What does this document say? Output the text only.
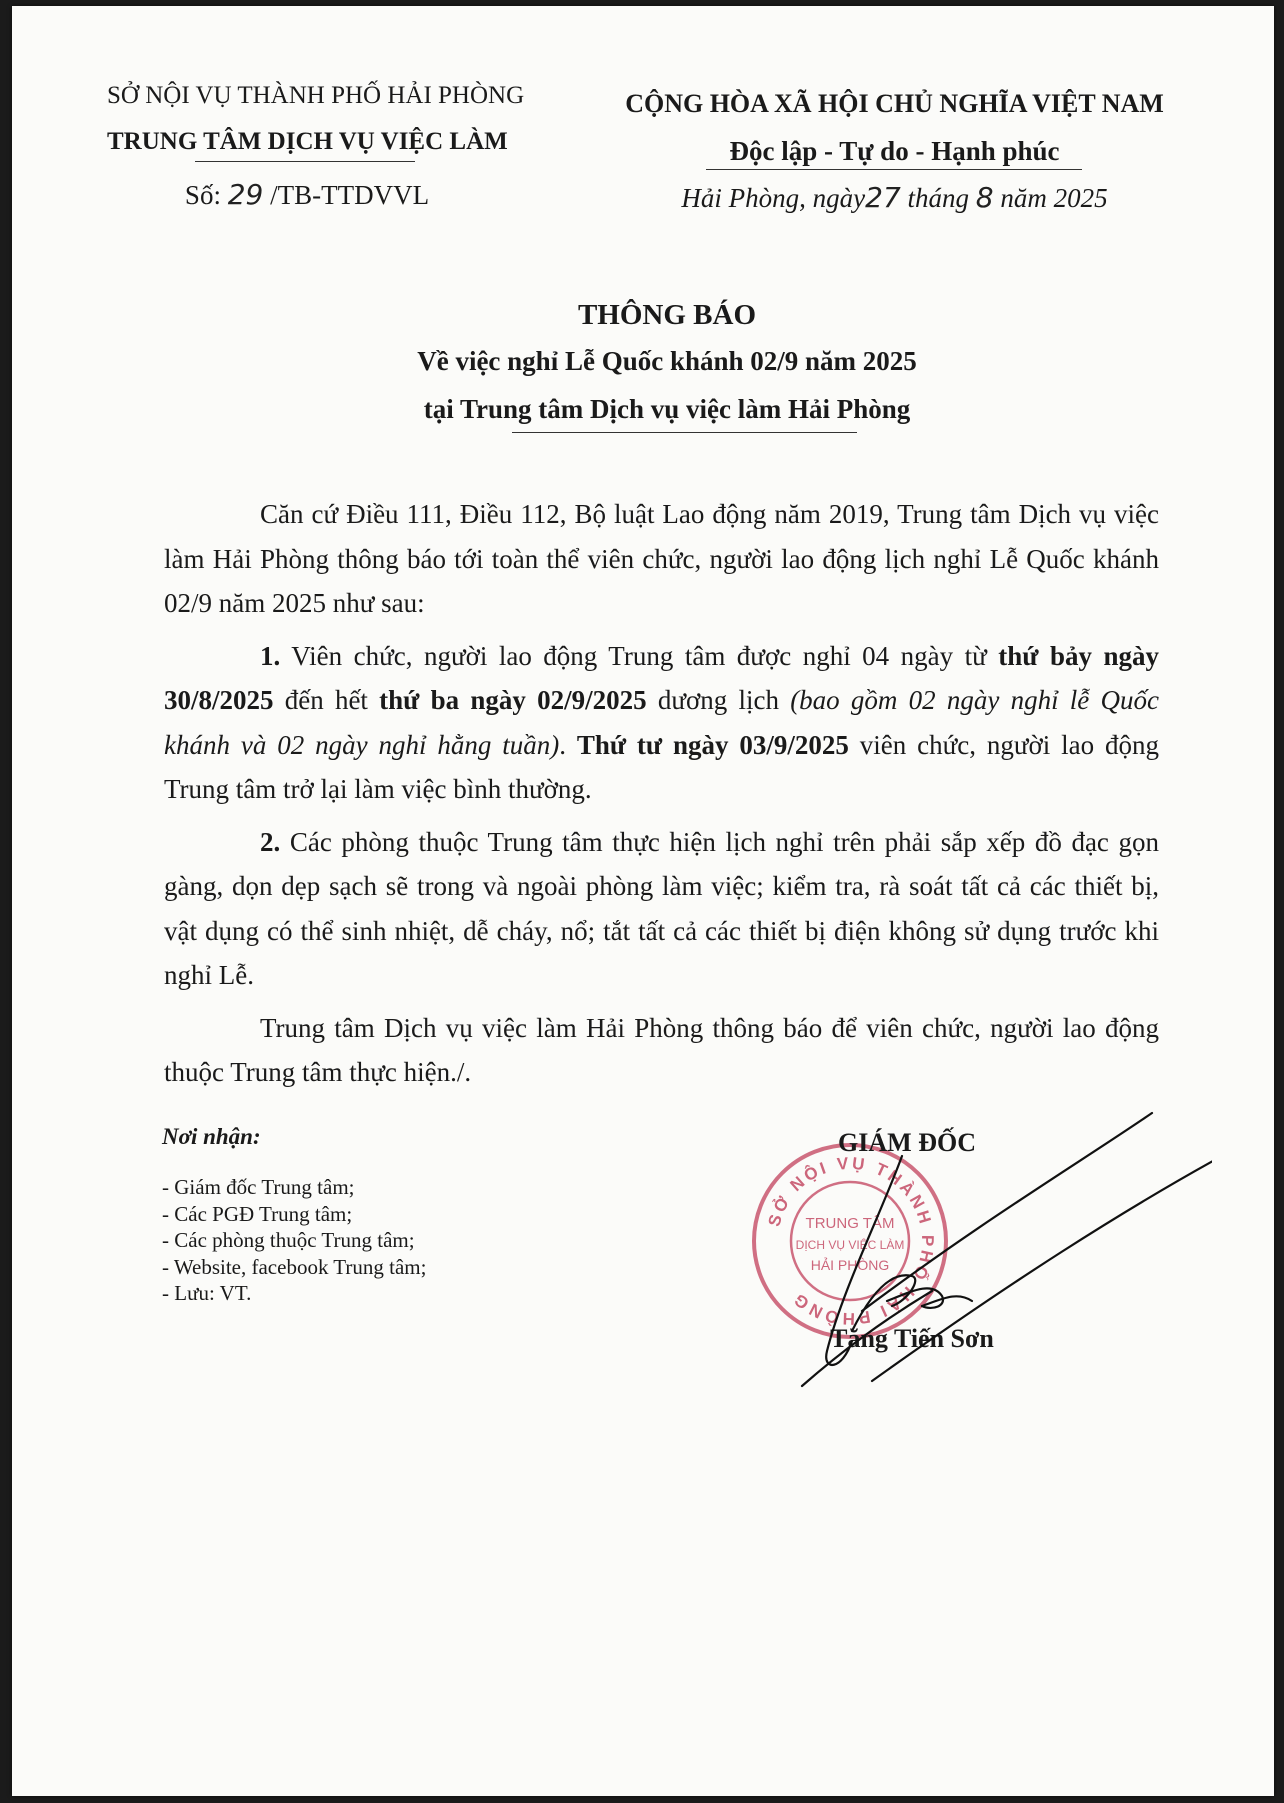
SỞ NỘI VỤ THÀNH PHỐ HẢI PHÒNG
TRUNG TÂM DỊCH VỤ VIỆC LÀM
Số: 29 /TB-TTDVVL
CỘNG HÒA XÃ HỘI CHỦ NGHĨA VIỆT NAM
Độc lập - Tự do - Hạnh phúc
Hải Phòng, ngày27 tháng 8 năm 2025
THÔNG BÁO
Về việc nghỉ Lễ Quốc khánh 02/9 năm 2025
tại Trung tâm Dịch vụ việc làm Hải Phòng

Căn cứ Điều 111, Điều 112, Bộ luật Lao động năm 2019, Trung tâm Dịch vụ việc làm Hải Phòng thông báo tới toàn thể viên chức, người lao động lịch nghỉ Lễ Quốc khánh 02/9 năm 2025 như sau:

1. Viên chức, người lao động Trung tâm được nghỉ 04 ngày từ thứ bảy ngày 30/8/2025 đến hết thứ ba ngày 02/9/2025 dương lịch (bao gồm 02 ngày nghỉ lễ Quốc khánh và 02 ngày nghỉ hằng tuần). Thứ tư ngày 03/9/2025 viên chức, người lao động Trung tâm trở lại làm việc bình thường.

2. Các phòng thuộc Trung tâm thực hiện lịch nghỉ trên phải sắp xếp đồ đạc gọn gàng, dọn dẹp sạch sẽ trong và ngoài phòng làm việc; kiểm tra, rà soát tất cả các thiết bị, vật dụng có thể sinh nhiệt, dễ cháy, nổ; tắt tất cả các thiết bị điện không sử dụng trước khi nghỉ Lễ.

Trung tâm Dịch vụ việc làm Hải Phòng thông báo để viên chức, người lao động thuộc Trung tâm thực hiện./.

Nơi nhận:
- Giám đốc Trung tâm;
- Các PGĐ Trung tâm;
- Các phòng thuộc Trung tâm;
- Website, facebook Trung tâm;
- Lưu: VT.
SỞ NỘI VỤ THÀNH PHỐ HẢI PHÒNG
TRUNG TÂM
DỊCH VỤ VIỆC LÀM
HẢI PHÒNG
GIÁM ĐỐC
Tăng Tiến Sơn
